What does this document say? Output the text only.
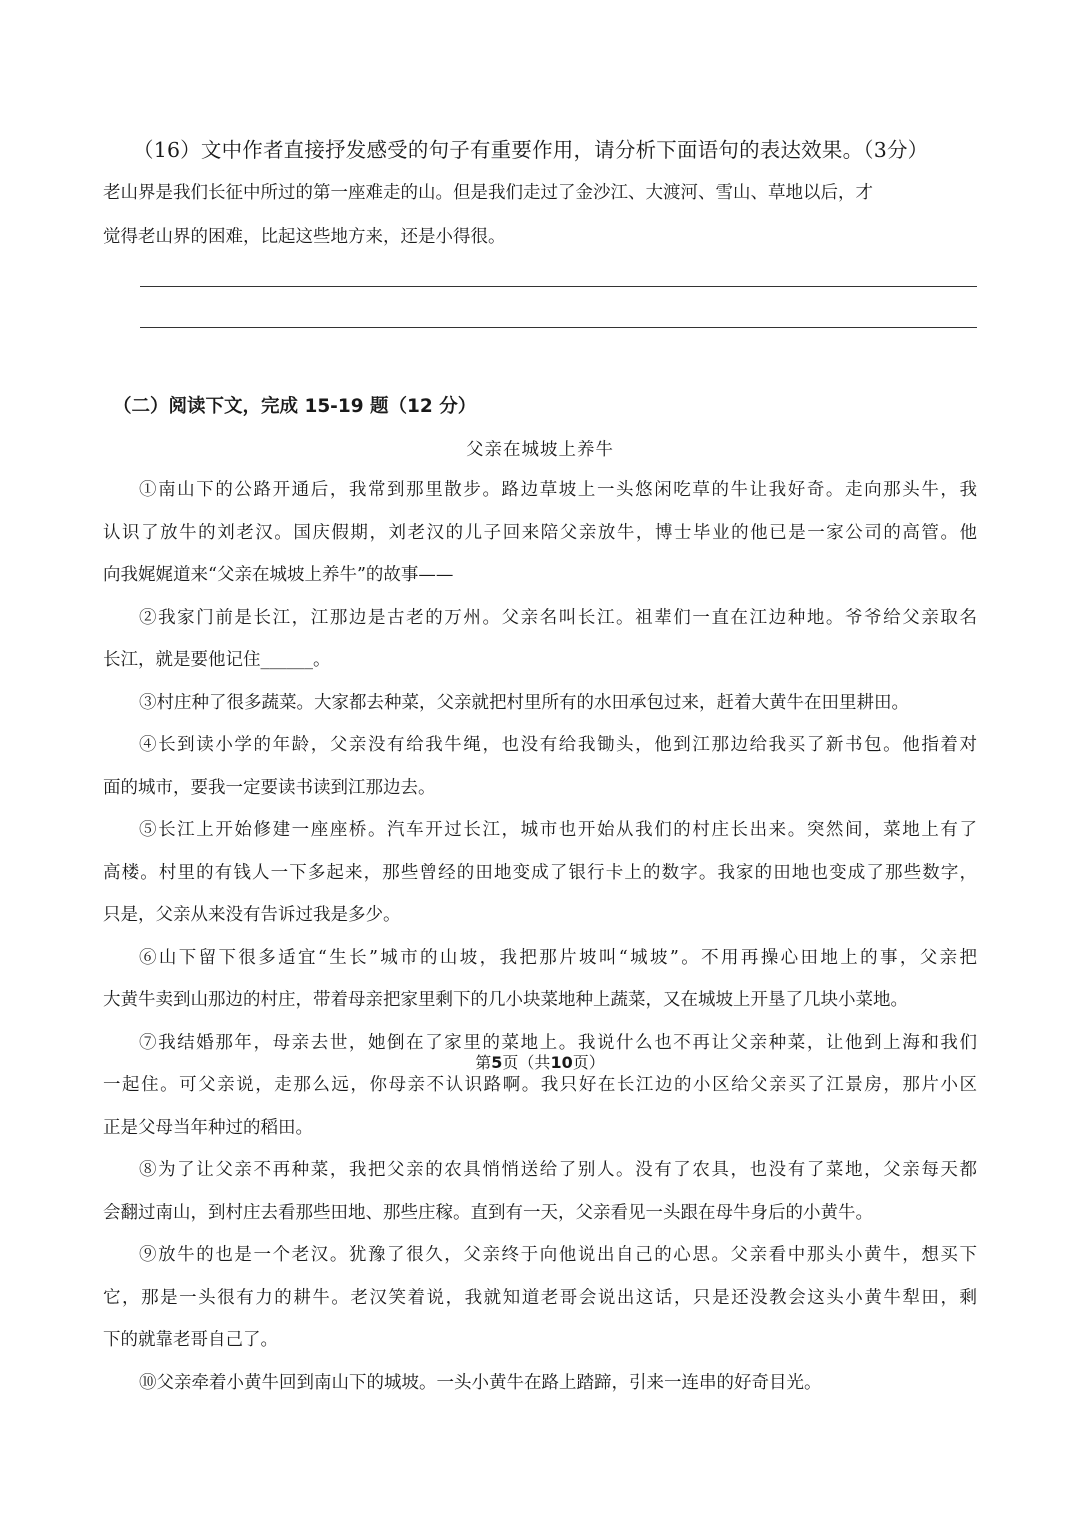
（16）文中作者直接抒发感受的句子有重要作用，请分析下面语句的表达效果。（3分）
老山界是我们长征中所过的第一座难走的山。但是我们走过了金沙江、大渡河、雪山、草地以后，才
觉得老山界的困难，比起这些地方来，还是小得很。
（二）阅读下文，完成 15-19 题（12 分）
父亲在城坡上养牛
①南山下的公路开通后，我常到那里散步。路边草坡上一头悠闲吃草的牛让我好奇。走向那头牛，我
认识了放牛的刘老汉。国庆假期，刘老汉的儿子回来陪父亲放牛，博士毕业的他已是一家公司的高管。他
向我娓娓道来“父亲在城坡上养牛”的故事——
②我家门前是长江，江那边是古老的万州。父亲名叫长江。祖辈们一直在江边种地。爷爷给父亲取名
长江，就是要他记住______。
③村庄种了很多蔬菜。大家都去种菜，父亲就把村里所有的水田承包过来，赶着大黄牛在田里耕田。
④长到读小学的年龄，父亲没有给我牛绳，也没有给我锄头，他到江那边给我买了新书包。他指着对
面的城市，要我一定要读书读到江那边去。
⑤长江上开始修建一座座桥。汽车开过长江，城市也开始从我们的村庄长出来。突然间，菜地上有了
高楼。村里的有钱人一下多起来，那些曾经的田地变成了银行卡上的数字。我家的田地也变成了那些数字，
只是，父亲从来没有告诉过我是多少。
⑥山下留下很多适宜“生长”城市的山坡，我把那片坡叫“城坡”。不用再操心田地上的事，父亲把
大黄牛卖到山那边的村庄，带着母亲把家里剩下的几小块菜地种上蔬菜，又在城坡上开垦了几块小菜地。
⑦我结婚那年，母亲去世，她倒在了家里的菜地上。我说什么也不再让父亲种菜，让他到上海和我们
一起住。可父亲说，走那么远，你母亲不认识路啊。我只好在长江边的小区给父亲买了江景房，那片小区
正是父母当年种过的稻田。
⑧为了让父亲不再种菜，我把父亲的农具悄悄送给了别人。没有了农具，也没有了菜地，父亲每天都
会翻过南山，到村庄去看那些田地、那些庄稼。直到有一天，父亲看见一头跟在母牛身后的小黄牛。
⑨放牛的也是一个老汉。犹豫了很久，父亲终于向他说出自己的心思。父亲看中那头小黄牛，想买下
它，那是一头很有力的耕牛。老汉笑着说，我就知道老哥会说出这话，只是还没教会这头小黄牛犁田，剩
下的就靠老哥自己了。
⑩父亲牵着小黄牛回到南山下的城坡。一头小黄牛在路上踏蹄，引来一连串的好奇目光。
第5页（共10页）
